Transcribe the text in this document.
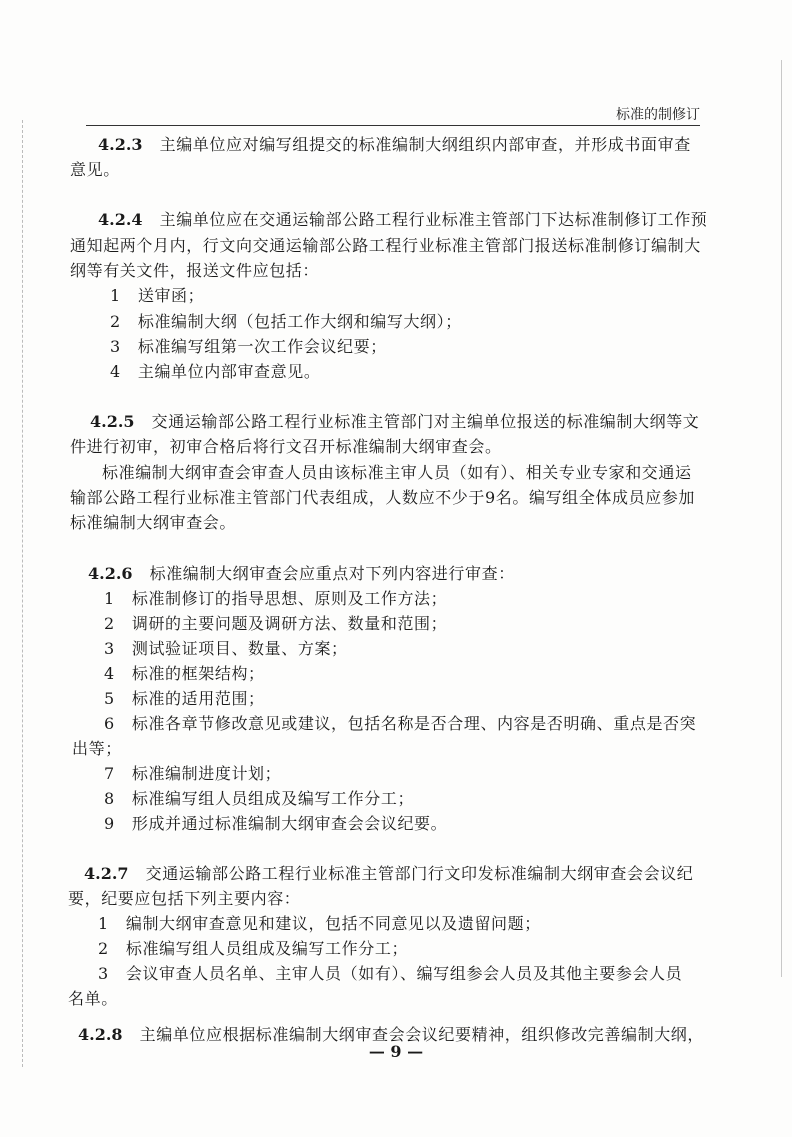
标准的制修订
4.2.3 主编单位应对编写组提交的标准编制大纲组织内部审查，并形成书面审查
意见。
4.2.4 主编单位应在交通运输部公路工程行业标准主管部门下达标准制修订工作预
通知起两个月内，行文向交通运输部公路工程行业标准主管部门报送标准制修订编制大
纲等有关文件，报送文件应包括：
1 送审函；
2 标准编制大纲（包括工作大纲和编写大纲）；
3 标准编写组第一次工作会议纪要；
4 主编单位内部审查意见。
4.2.5 交通运输部公路工程行业标准主管部门对主编单位报送的标准编制大纲等文
件进行初审，初审合格后将行文召开标准编制大纲审查会。
标准编制大纲审查会审查人员由该标准主审人员（如有）、相关专业专家和交通运
输部公路工程行业标准主管部门代表组成，人数应不少于9名。编写组全体成员应参加
标准编制大纲审查会。
4.2.6 标准编制大纲审查会应重点对下列内容进行审查：
1 标准制修订的指导思想、原则及工作方法；
2 调研的主要问题及调研方法、数量和范围；
3 测试验证项目、数量、方案；
4 标准的框架结构；
5 标准的适用范围；
6 标准各章节修改意见或建议，包括名称是否合理、内容是否明确、重点是否突
出等；
7 标准编制进度计划；
8 标准编写组人员组成及编写工作分工；
9 形成并通过标准编制大纲审查会会议纪要。
4.2.7 交通运输部公路工程行业标准主管部门行文印发标准编制大纲审查会会议纪
要，纪要应包括下列主要内容：
1 编制大纲审查意见和建议，包括不同意见以及遗留问题；
2 标准编写组人员组成及编写工作分工；
3 会议审查人员名单、主审人员（如有）、编写组参会人员及其他主要参会人员
名单。
4.2.8 主编单位应根据标准编制大纲审查会会议纪要精神，组织修改完善编制大纲，
— 9 —
